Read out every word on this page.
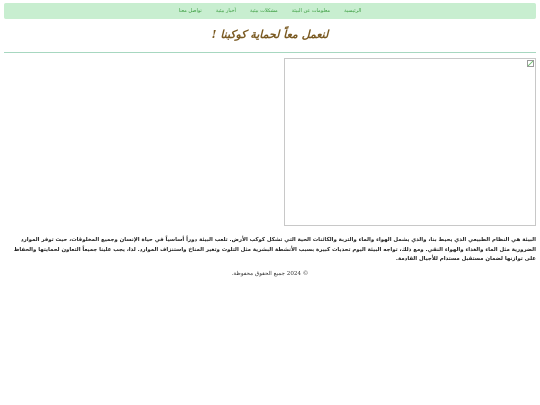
الرئيسية
معلومات عن البيئة
مشكلات بيئية
أخبار بيئية
تواصل معنا
لنعمل معاً لحماية كوكبنا !

البيئة هي النظام الطبيعي الذي يحيط بنا، والذي يشمل الهواء والماء والتربة والكائنات الحية التي تشكل كوكب الأرض. تلعب البيئة دوراً أساسياً في حياة الإنسان وجميع المخلوقات، حيث توفر الموارد الضرورية مثل الماء والغذاء والهواء النقي. ومع ذلك، تواجه البيئة اليوم تحديات كبيرة بسبب الأنشطة البشرية مثل التلوث وتغير المناخ واستنزاف الموارد. لذا، يجب علينا جميعاً التعاون لحمايتها والحفاظ على توازنها لضمان مستقبل مستدام للأجيال القادمة.

© 2024 جميع الحقوق محفوظة.
